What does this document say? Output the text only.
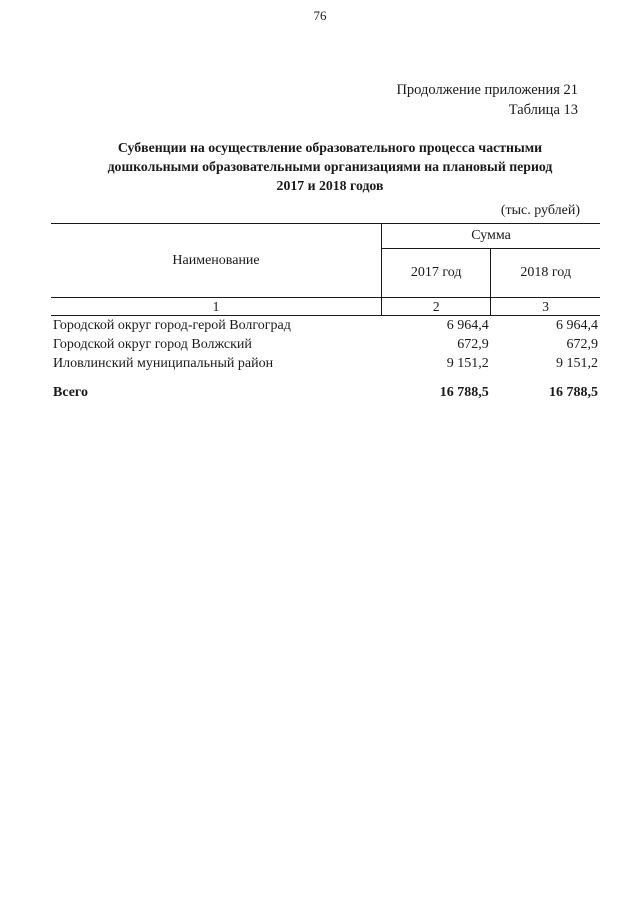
76
Продолжение приложения 21
Таблица 13
Субвенции на осуществление образовательного процесса частными
дошкольными образовательными организациями на плановый период
2017 и 2018 годов
(тыс. рублей)
Наименование	Сумма	
	2017 год	2018 год
1	2	3
Городской округ город-герой Волгоград	6 964,4	6 964,4
Городской округ город Волжский	672,9	672,9
Иловлинский муниципальный район	9 151,2	9 151,2
Всего	16 788,5	16 788,5
